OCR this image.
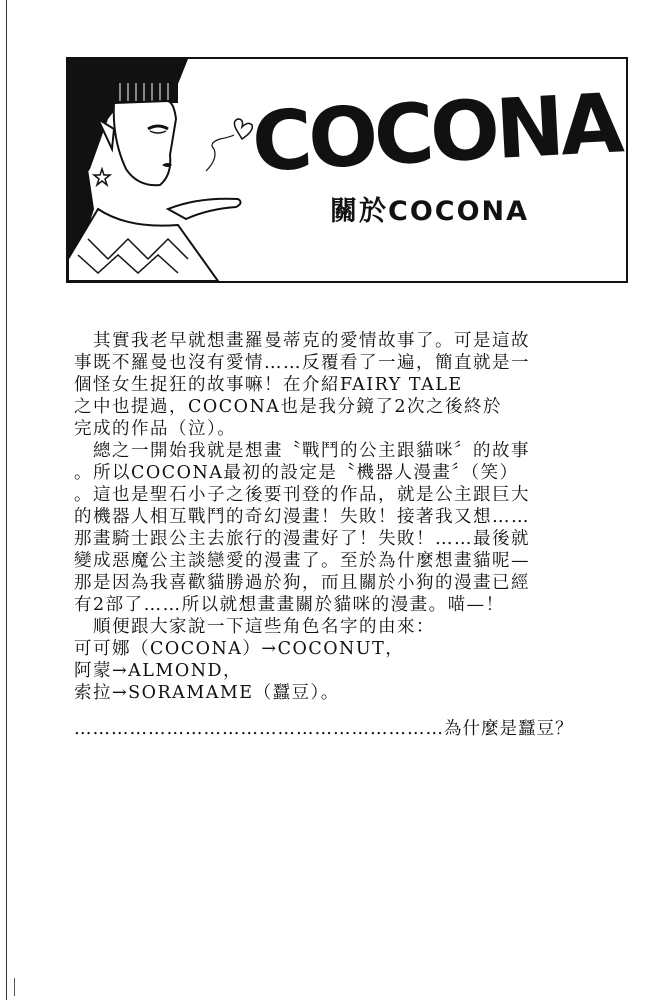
COCONA
關於COCONA
　其實我老早就想畫羅曼蒂克的愛情故事了。可是這故
事既不羅曼也沒有愛情……反覆看了一遍，簡直就是一
個怪女生捉狂的故事嘛！在介紹FAIRY TALE
之中也提過，COCONA也是我分鏡了2次之後終於
完成的作品（泣）。
　總之一開始我就是想畫〝戰鬥的公主跟貓咪〞的故事
。所以COCONA最初的設定是〝機器人漫畫〞（笑）
。這也是聖石小子之後要刊登的作品，就是公主跟巨大
的機器人相互戰鬥的奇幻漫畫！失敗！接著我又想……
那畫騎士跟公主去旅行的漫畫好了！失敗！……最後就
變成惡魔公主談戀愛的漫畫了。至於為什麼想畫貓呢—
那是因為我喜歡貓勝過於狗，而且關於小狗的漫畫已經
有2部了……所以就想畫畫關於貓咪的漫畫。喵—！
　順便跟大家說一下這些角色名字的由來：
可可娜（COCONA）→COCONUT，
阿蒙→ALMOND，
索拉→SORAMAME（蠶豆）。
……………………………………………………為什麼是蠶豆？
